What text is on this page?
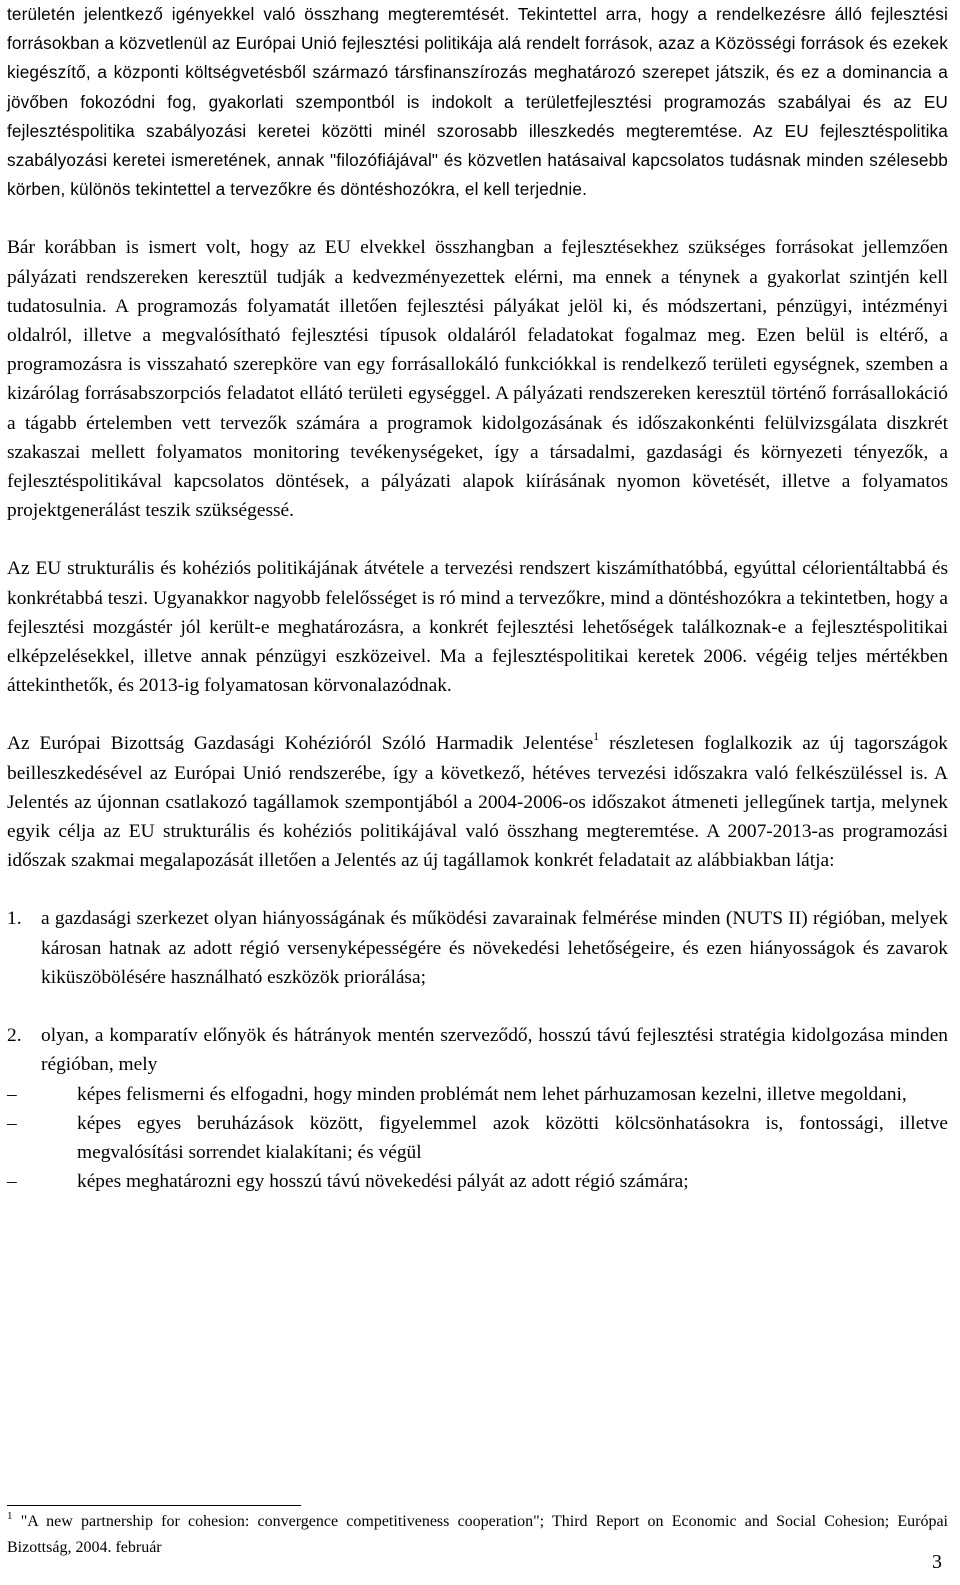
területén jelentkező igényekkel való összhang megteremtését. Tekintettel arra, hogy a rendelkezésre álló fejlesztési forrásokban a közvetlenül az Európai Unió fejlesztési politikája alá rendelt források, azaz a Közösségi források és ezekek kiegészítő, a központi költségvetésből származó társfinanszírozás meghatározó szerepet játszik, és ez a dominancia a jövőben fokozódni fog, gyakorlati szempontból is indokolt a területfejlesztési programozás szabályai és az EU fejlesztéspolitika szabályozási keretei közötti minél szorosabb illeszkedés megteremtése. Az EU fejlesztéspolitika szabályozási keretei ismeretének, annak "filozófiájával" és közvetlen hatásaival kapcsolatos tudásnak minden szélesebb körben, különös tekintettel a tervezőkre és döntéshozókra, el kell terjednie.

Bár korábban is ismert volt, hogy az EU elvekkel összhangban a fejlesztésekhez szükséges forrásokat jellemzően pályázati rendszereken keresztül tudják a kedvezményezettek elérni, ma ennek a ténynek a gyakorlat szintjén kell tudatosulnia. A programozás folyamatát illetően fejlesztési pályákat jelöl ki, és módszertani, pénzügyi, intézményi oldalról, illetve a megvalósítható fejlesztési típusok oldaláról feladatokat fogalmaz meg. Ezen belül is eltérő, a programozásra is visszaható szerepköre van egy forrásallokáló funkciókkal is rendelkező területi egységnek, szemben a kizárólag forrásabszorpciós feladatot ellátó területi egységgel. A pályázati rendszereken keresztül történő forrásallokáció a tágabb értelemben vett tervezők számára a programok kidolgozásának és időszakonkénti felülvizsgálata diszkrét szakaszai mellett folyamatos monitoring tevékenységeket, így a társadalmi, gazdasági és környezeti tényezők, a fejlesztéspolitikával kapcsolatos döntések, a pályázati alapok kiírásának nyomon követését, illetve a folyamatos projektgenerálást teszik szükségessé.

Az EU strukturális és kohéziós politikájának átvétele a tervezési rendszert kiszámíthatóbbá, egyúttal célorientáltabbá és konkrétabbá teszi. Ugyanakkor nagyobb felelősséget is ró mind a tervezőkre, mind a döntéshozókra a tekintetben, hogy a fejlesztési mozgástér jól került-e meghatározásra, a konkrét fejlesztési lehetőségek találkoznak-e a fejlesztéspolitikai elképzelésekkel, illetve annak pénzügyi eszközeivel. Ma a fejlesztéspolitikai keretek 2006. végéig teljes mértékben áttekinthetők, és 2013-ig folyamatosan körvonalazódnak.

Az Európai Bizottság Gazdasági Kohézióról Szóló Harmadik Jelentése$^1$ részletesen foglalkozik az új tagországok beilleszkedésével az Európai Unió rendszerébe, így a következő, hétéves tervezési időszakra való felkészüléssel is. A Jelentés az újonnan csatlakozó tagállamok szempontjából a 2004-2006-os időszakot átmeneti jellegűnek tartja, melynek egyik célja az EU strukturális és kohéziós politikájával való összhang megteremtése. A 2007-2013-as programozási időszak szakmai megalapozását illetően a Jelentés az új tagállamok konkrét feladatait az alábbiakban látja:

1.	a gazdasági szerkezet olyan hiányosságának és működési zavarainak felmérése minden (NUTS II) régióban, melyek károsan hatnak az adott régió versenyképességére és növekedési lehetőségeire, és ezen hiányosságok és zavarok kiküszöbölésére használható eszközök priorálása;
2.	olyan, a komparatív előnyök és hátrányok mentén szerveződő, hosszú távú fejlesztési stratégia kidolgozása minden régióban, mely
–	képes felismerni és elfogadni, hogy minden problémát nem lehet párhuzamosan kezelni, illetve megoldani,
–	képes egyes beruházások között, figyelemmel azok közötti kölcsönhatásokra is, fontossági, illetve megvalósítási sorrendet kialakítani; és végül
–	képes meghatározni egy hosszú távú növekedési pályát az adott régió számára;
$^1$ "A new partnership for cohesion: convergence competitiveness cooperation"; Third Report on Economic and Social Cohesion; Európai Bizottság, 2004. február
3
